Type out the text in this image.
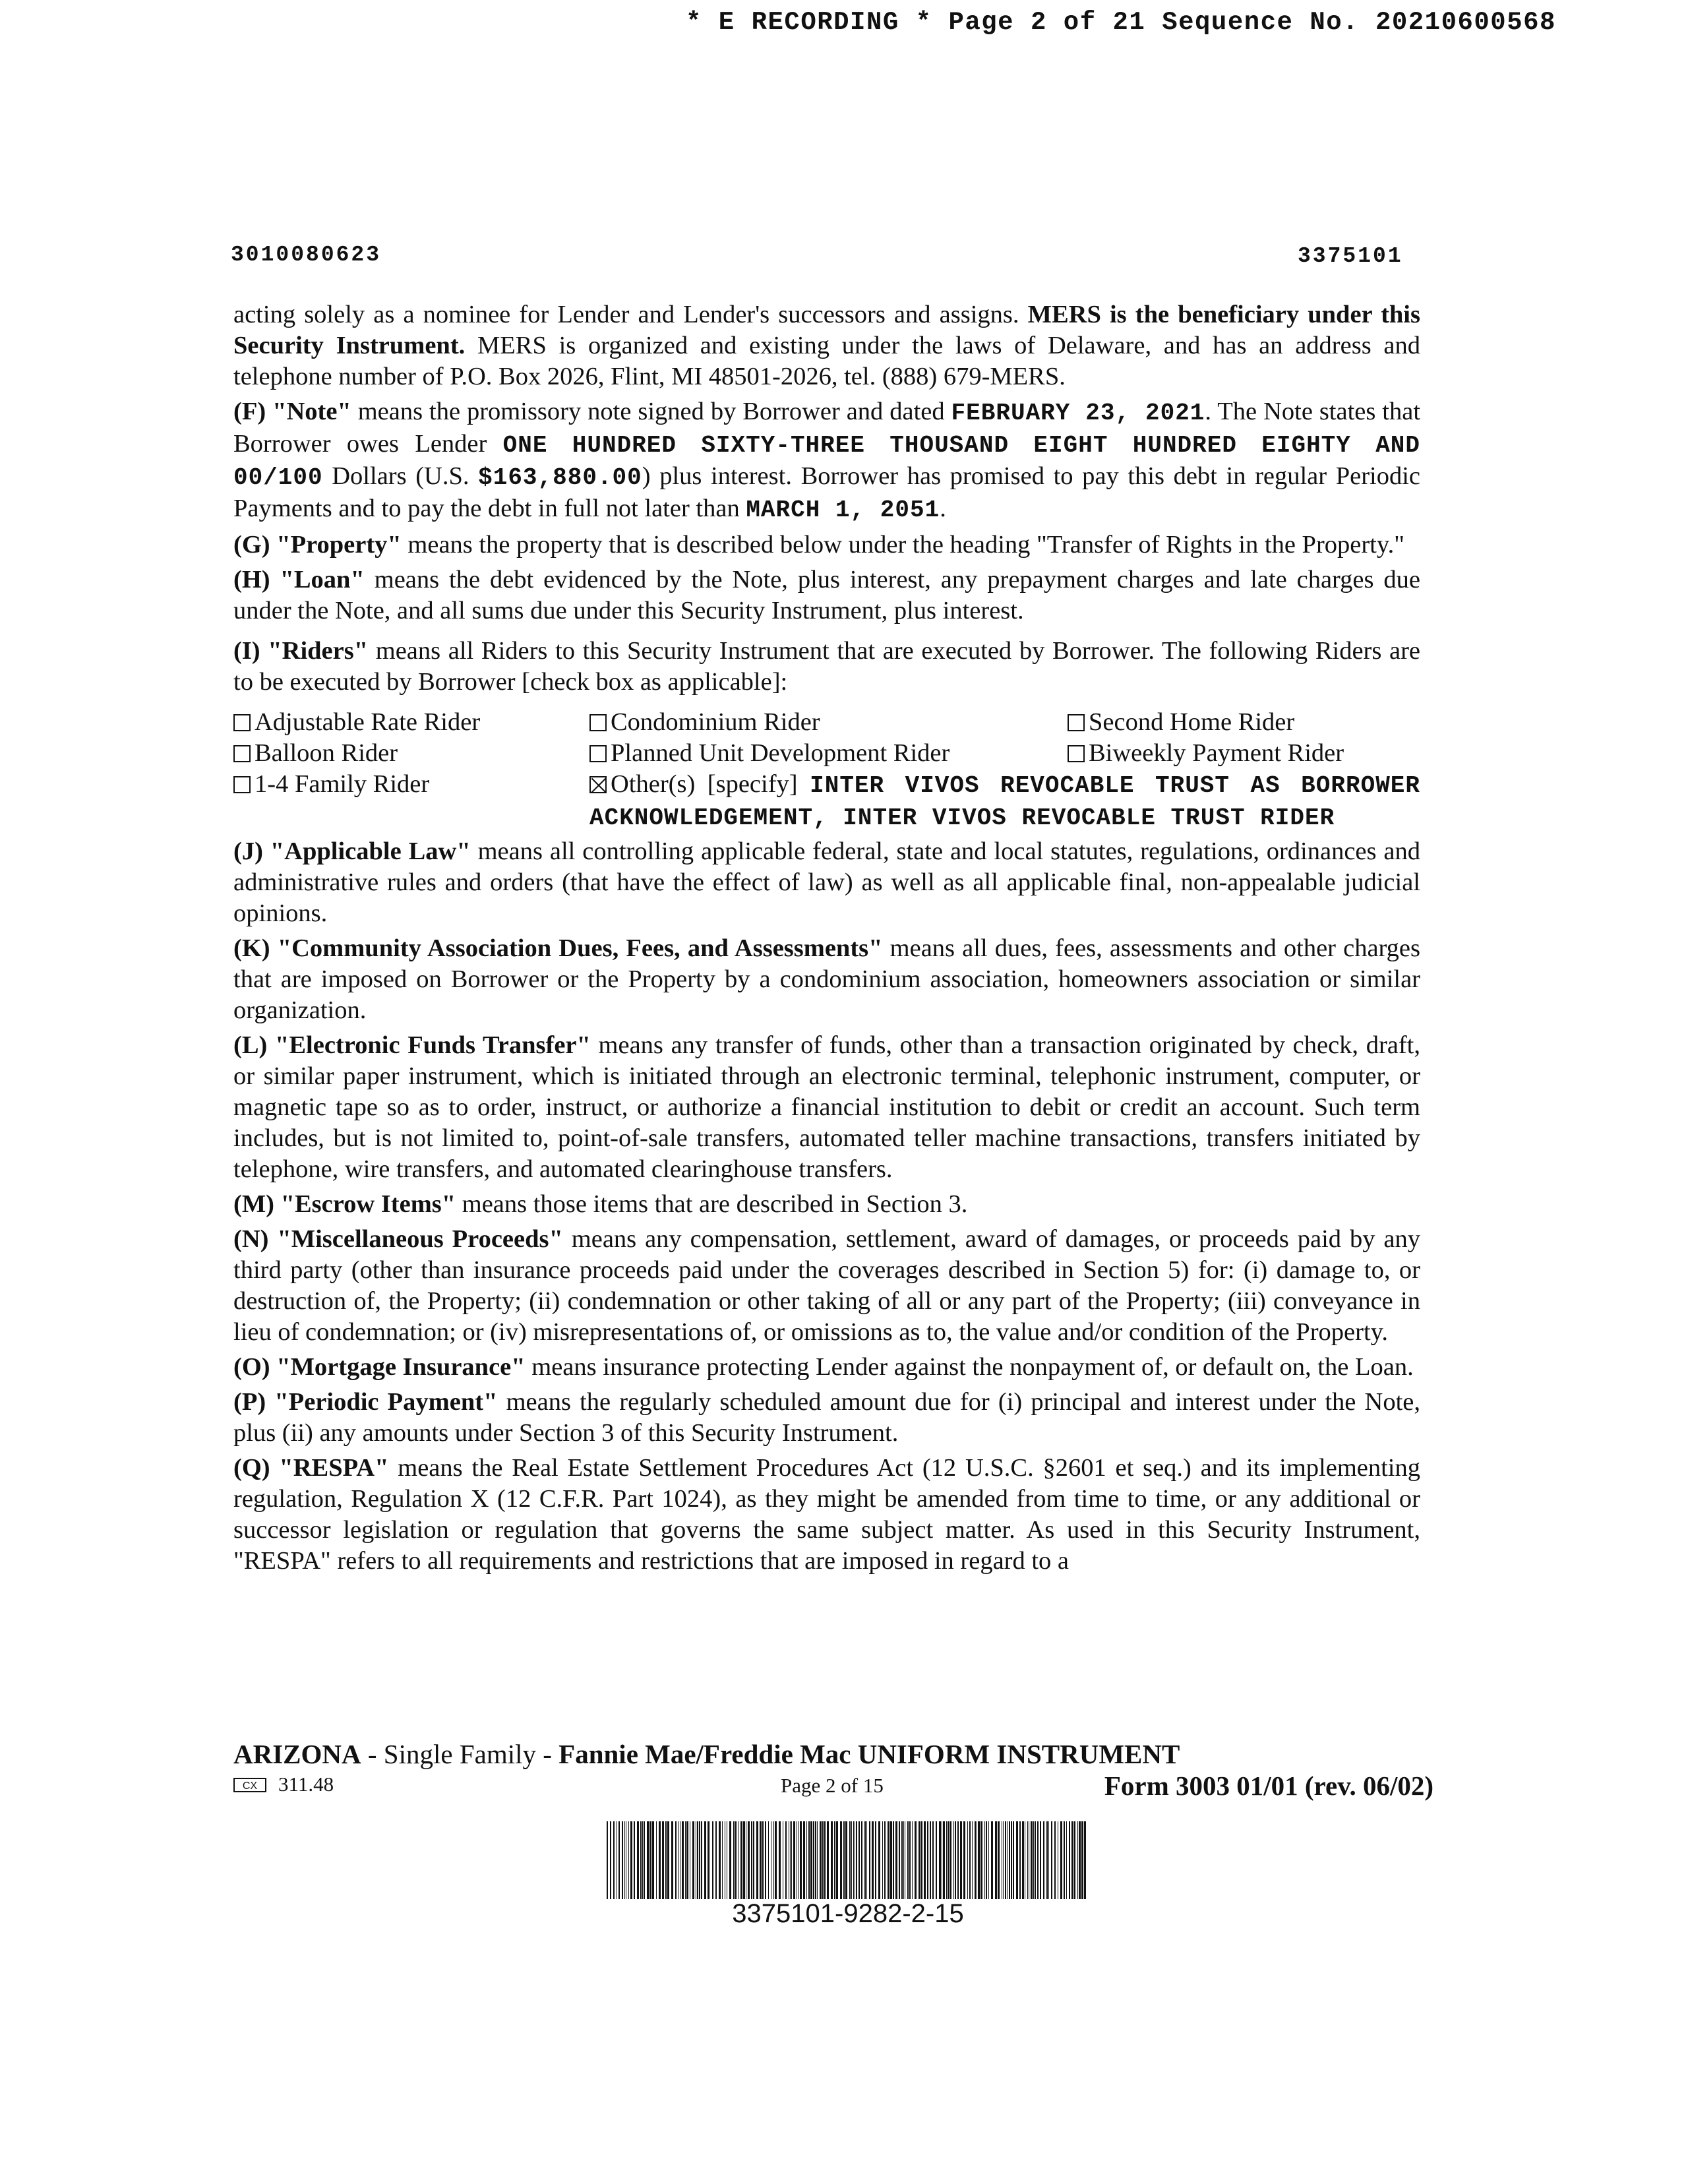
* E RECORDING * Page 2 of 21 Sequence No. 20210600568
3010080623	3375101

acting solely as a nominee for Lender and Lender's successors and assigns. MERS is the beneficiary under this Security Instrument. MERS is organized and existing under the laws of Delaware, and has an address and telephone number of P.O. Box 2026, Flint, MI 48501-2026, tel. (888) 679-MERS.

(F) "Note" means the promissory note signed by Borrower and dated FEBRUARY 23, 2021. The Note states that Borrower owes Lender ONE HUNDRED SIXTY-THREE THOUSAND EIGHT HUNDRED EIGHTY AND 00/100 Dollars (U.S. $163,880.00) plus interest. Borrower has promised to pay this debt in regular Periodic Payments and to pay the debt in full not later than MARCH 1, 2051.

(G) "Property" means the property that is described below under the heading "Transfer of Rights in the Property."

(H) "Loan" means the debt evidenced by the Note, plus interest, any prepayment charges and late charges due under the Note, and all sums due under this Security Instrument, plus interest.

(I) "Riders" means all Riders to this Security Instrument that are executed by Borrower. The following Riders are to be executed by Borrower [check box as applicable]:

Adjustable Rate Rider	Condominium Rider	Second Home Rider
Balloon Rider	Planned Unit Development Rider	Biweekly Payment Rider
1-4 Family Rider	Other(s) [specify] INTER VIVOS REVOCABLE TRUST AS BORROWER ACKNOWLEDGEMENT, INTER VIVOS REVOCABLE TRUST RIDER	

(J) "Applicable Law" means all controlling applicable federal, state and local statutes, regulations, ordinances and administrative rules and orders (that have the effect of law) as well as all applicable final, non-appealable judicial opinions.

(K) "Community Association Dues, Fees, and Assessments" means all dues, fees, assessments and other charges that are imposed on Borrower or the Property by a condominium association, homeowners association or similar organization.

(L) "Electronic Funds Transfer" means any transfer of funds, other than a transaction originated by check, draft, or similar paper instrument, which is initiated through an electronic terminal, telephonic instrument, computer, or magnetic tape so as to order, instruct, or authorize a financial institution to debit or credit an account. Such term includes, but is not limited to, point-of-sale transfers, automated teller machine transactions, transfers initiated by telephone, wire transfers, and automated clearinghouse transfers.

(M) "Escrow Items" means those items that are described in Section 3.

(N) "Miscellaneous Proceeds" means any compensation, settlement, award of damages, or proceeds paid by any third party (other than insurance proceeds paid under the coverages described in Section 5) for: (i) damage to, or destruction of, the Property; (ii) condemnation or other taking of all or any part of the Property; (iii) conveyance in lieu of condemnation; or (iv) misrepresentations of, or omissions as to, the value and/or condition of the Property.

(O) "Mortgage Insurance" means insurance protecting Lender against the nonpayment of, or default on, the Loan.

(P) "Periodic Payment" means the regularly scheduled amount due for (i) principal and interest under the Note, plus (ii) any amounts under Section 3 of this Security Instrument.

(Q) "RESPA" means the Real Estate Settlement Procedures Act (12 U.S.C. §2601 et seq.) and its implementing regulation, Regulation X (12 C.F.R. Part 1024), as they might be amended from time to time, or any additional or successor legislation or regulation that governs the same subject matter. As used in this Security Instrument, "RESPA" refers to all requirements and restrictions that are imposed in regard to a

ARIZONA - Single Family - Fannie Mae/Freddie Mac UNIFORM INSTRUMENT
CX	311.48	Page 2 of 15	Form 3003 01/01 (rev. 06/02)
3375101-9282-2-15
